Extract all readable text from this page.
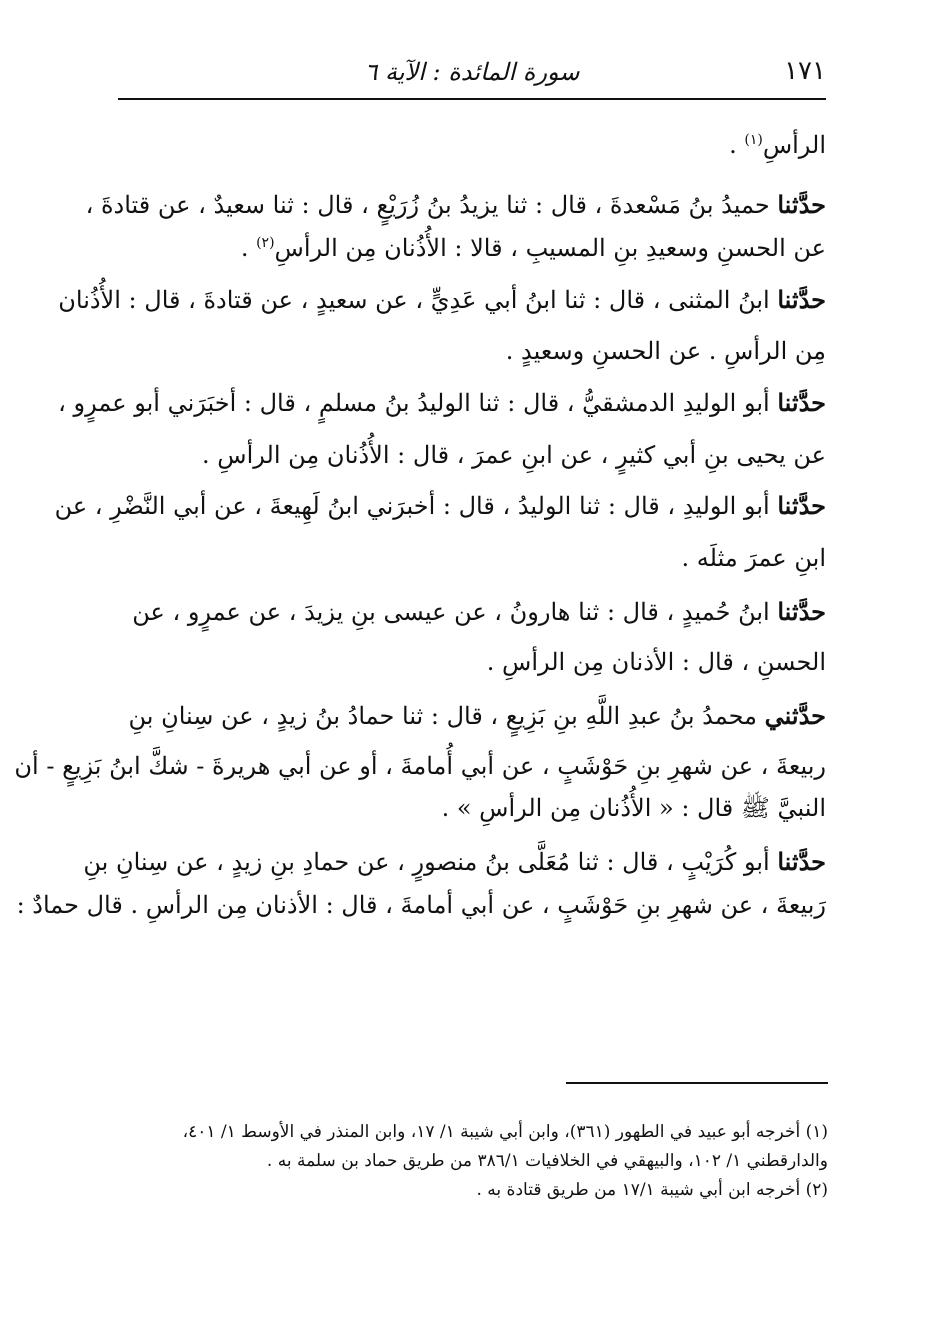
١٧١
سورة المائدة : الآية ٦
الرأسِ$^{(١)}$ .
حدَّثنا حميدُ بنُ مَسْعدةَ ، قال : ثنا يزيدُ بنُ زُرَيْعٍ ، قال : ثنا سعيدٌ ، عن قتادةَ ،
عن الحسنِ وسعيدِ بنِ المسيبِ ، قالا : الأُذُنان مِن الرأسِ$^{(٢)}$ .
حدَّثنا ابنُ المثنى ، قال : ثنا ابنُ أبي عَدِيٍّ ، عن سعيدٍ ، عن قتادةَ ، قال : الأُذُنان
مِن الرأسِ . عن الحسنِ وسعيدٍ .
حدَّثنا أبو الوليدِ الدمشقيُّ ، قال : ثنا الوليدُ بنُ مسلمٍ ، قال : أخبَرَني أبو عمرٍو ،
عن يحيى بنِ أبي كثيرٍ ، عن ابنِ عمرَ ، قال : الأُذُنان مِن الرأسِ .
حدَّثنا أبو الوليدِ ، قال : ثنا الوليدُ ، قال : أخبرَني ابنُ لَهِيعةَ ، عن أبي النَّضْرِ ، عن
ابنِ عمرَ مثلَه .
حدَّثنا ابنُ حُميدٍ ، قال : ثنا هارونُ ، عن عيسى بنِ يزيدَ ، عن عمرٍو ، عن
الحسنِ ، قال : الأذنان مِن الرأسِ .
حدَّثني محمدُ بنُ عبدِ اللَّهِ بنِ بَزِيعٍ ، قال : ثنا حمادُ بنُ زيدٍ ، عن سِنانِ بنِ
ربيعةَ ، عن شهرِ بنِ حَوْشَبٍ ، عن أبي أُمامةَ ، أو عن أبي هريرةَ - شكَّ ابنُ بَزِيعٍ - أن
النبيَّ ﷺ قال : « الأُذُنان مِن الرأسِ » .
حدَّثنا أبو كُرَيْبٍ ، قال : ثنا مُعَلَّى بنُ منصورٍ ، عن حمادِ بنِ زيدٍ ، عن سِنانِ بنِ
رَبيعةَ ، عن شهرِ بنِ حَوْشَبٍ ، عن أبي أمامةَ ، قال : الأذنان مِن الرأسِ . قال حمادٌ :
(١) أخرجه أبو عبيد في الطهور (٣٦١)، وابن أبي شيبة ١/ ١٧، وابن المنذر في الأوسط ١/ ٤٠١،
والدارقطني ١/ ١٠٢، والبيهقي في الخلافيات ٣٨٦/١ من طريق حماد بن سلمة به .
(٢) أخرجه ابن أبي شيبة ١٧/١ من طريق قتادة به .
